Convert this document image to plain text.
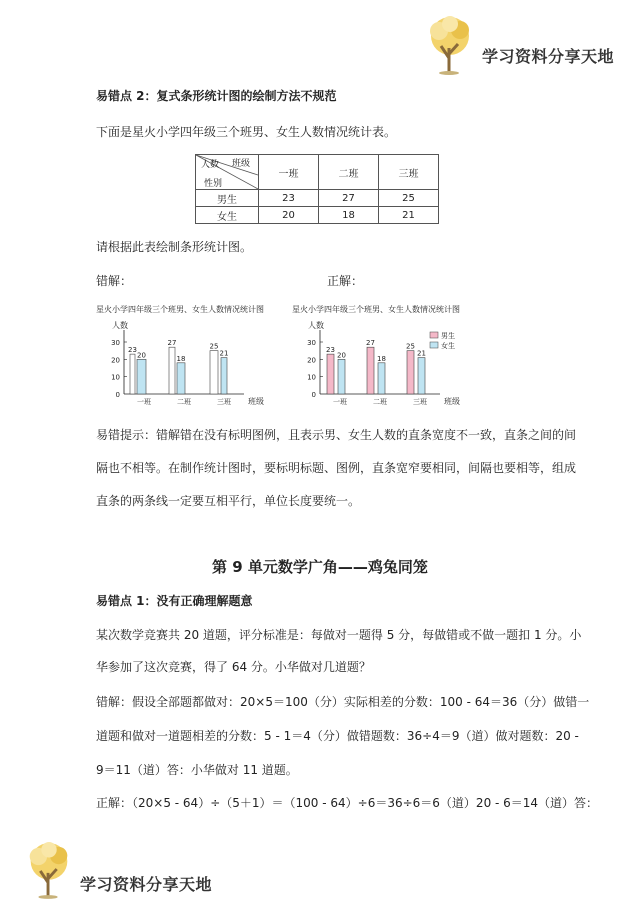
学习资料分享天地
学习资料分享天地
易错点 2：复式条形统计图的绘制方法不规范
下面是星火小学四年级三个班男、女生人数情况统计表。
人数 班级
性别	一班	二班	三班
男生	23	27	25
女生	20	18	21
请根据此表绘制条形统计图。
错解：	正解：
星火小学四年级三个班男、女生人数情况统计图
人数
班级
0
10
20
30
一班
23
20
二班
27
18
三班
25
21
星火小学四年级三个班男、女生人数情况统计图
人数
班级
0
10
20
30
一班
23
20
二班
27
18
三班
25
21
男生
女生
易错提示：错解错在没有标明图例，且表示男、女生人数的直条宽度不一致，直条之间的间
隔也不相等。在制作统计图时，要标明标题、图例，直条宽窄要相同，间隔也要相等，组成
直条的两条线一定要互相平行，单位长度要统一。
第 9 单元数学广角——鸡兔同笼
易错点 1：没有正确理解题意
某次数学竞赛共 20 道题，评分标准是：每做对一题得 5 分，每做错或不做一题扣 1 分。小
华参加了这次竞赛，得了 64 分。小华做对几道题？
错解：假设全部题都做对：20×5＝100（分）实际相差的分数：100 - 64＝36（分）做错一
道题和做对一道题相差的分数：5 - 1＝4（分）做错题数：36÷4＝9（道）做对题数：20 -
9＝11（道）答：小华做对 11 道题。
正解：（20×5 - 64）÷（5＋1）＝（100 - 64）÷6＝36÷6＝6（道）20 - 6＝14（道）答：
